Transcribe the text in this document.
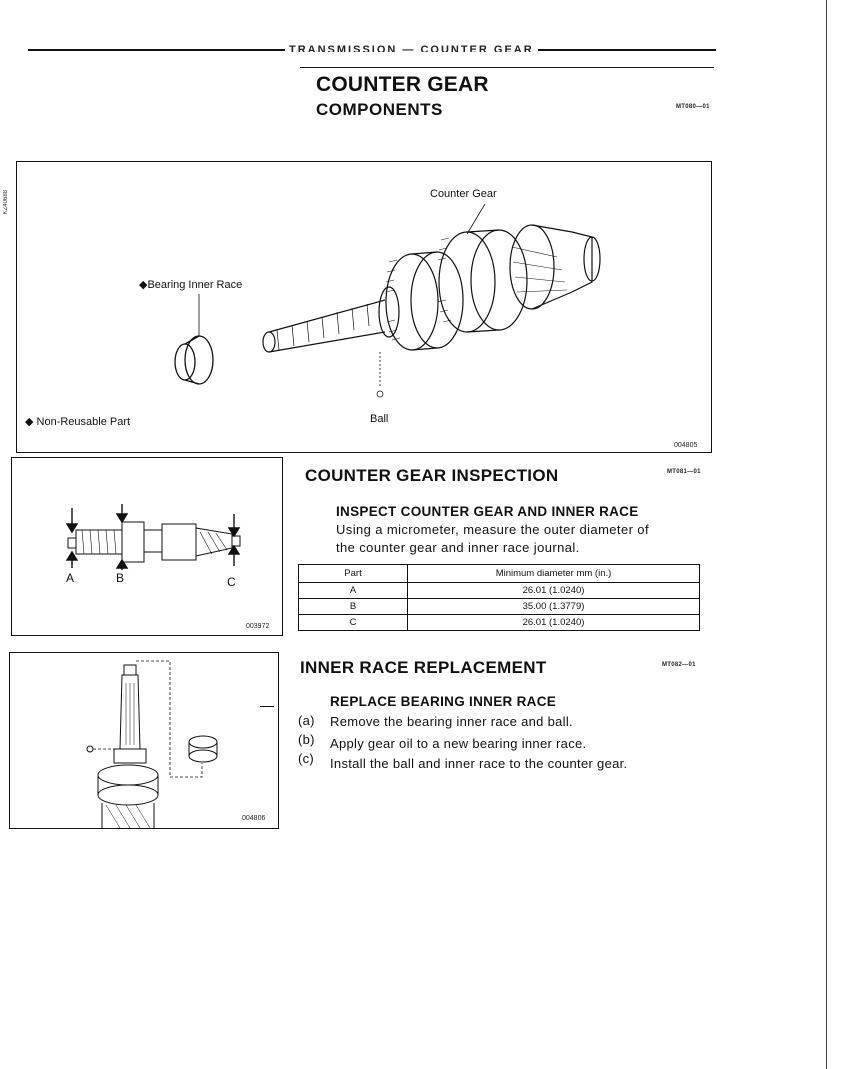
TRANSMISSION — COUNTER GEAR
COUNTER GEAR
COMPONENTS	MT080—01
KZ40688	Counter Gear
◆Bearing Inner Race
Ball
◆ Non-Reusable Part
004805
A	B	C
003972
COUNTER GEAR INSPECTION	MT081—01
INSPECT COUNTER GEAR AND INNER RACE
Using a micrometer, measure the outer diameter of
the counter gear and inner race journal.
Part	Minimum diameter mm (in.)
A	26.01 (1.0240)
B	35.00 (1.3779)
C	26.01 (1.0240)
004806
INNER RACE REPLACEMENT	MT082—01
REPLACE BEARING INNER RACE
(a) Remove the bearing inner race and ball.
(b) Apply gear oil to a new bearing inner race.
(c) Install the ball and inner race to the counter gear.
